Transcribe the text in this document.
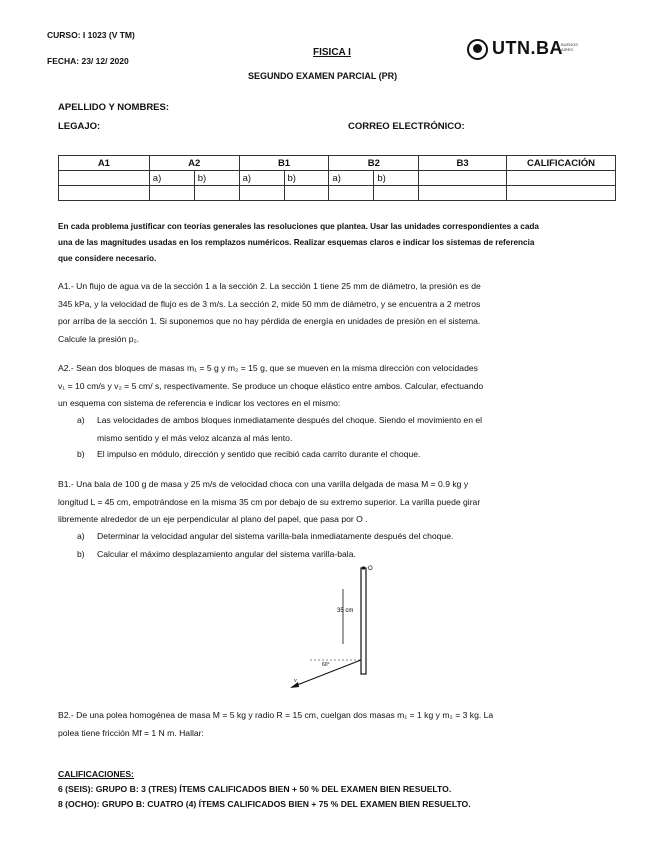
CURSO: I 1023 (V TM)
FECHA: 23/ 12/ 2020
FISICA I
SEGUNDO EXAMEN PARCIAL (PR)
UTN.BA
BUENOS AIRES
APELLIDO Y NOMBRES:
LEGAJO:	CORREO ELECTRÓNICO:
A1	A2		B1		B2		B3	CALIFICACIÓN
	a)	b)	a)	b)	a)	b)		

En cada problema justificar con teorías generales las resoluciones que plantea. Usar las unidades correspondientes a cada
una de las magnitudes usadas en los remplazos numéricos. Realizar esquemas claros e indicar los sistemas de referencia
que considere necesario.
A1.- Un flujo de agua va de la sección 1 a la sección 2. La sección 1 tiene 25 mm de diámetro, la presión es de
345 kPa, y la velocidad de flujo es de 3 m/s. La sección 2, mide 50 mm de diámetro, y se encuentra a 2 metros
por arriba de la sección 1. Si suponemos que no hay pérdida de energía en unidades de presión en el sistema.
Calcule la presión p₂.
A2.- Sean dos bloques de masas m₁ = 5 g y m₂ = 15 g, que se mueven en la misma dirección con velocidades
v₁ = 10 cm/s y v₂ = 5 cm/ s, respectivamente. Se produce un choque elástico entre ambos. Calcular, efectuando
un esquema con sistema de referencia e indicar los vectores en el mismo:
a) Las velocidades de ambos bloques inmediatamente después del choque. Siendo el movimiento en el
mismo sentido y el más veloz alcanza al más lento.
b) El impulso en módulo, dirección y sentido que recibió cada carrito durante el choque.
B1.- Una bala de 100 g de masa y 25 m/s de velocidad choca con una varilla delgada de masa M = 0.9 kg y
longitud L = 45 cm, empotrándose en la misma 35 cm por debajo de su extremo superior. La varilla puede girar
libremente alrededor de un eje perpendicular al plano del papel, que pasa por O .
a) Determinar la velocidad angular del sistema varilla-bala inmediatamente después del choque.
b) Calcular el máximo desplazamiento angular del sistema varilla-bala.
O
35 cm
60°
v
B2.- De una polea homogénea de masa M = 5 kg y radio R = 15 cm, cuelgan dos masas m₁ = 1 kg y m₂ = 3 kg. La
polea tiene fricción Mf = 1 N m. Hallar:
CALIFICACIONES:
6 (SEIS): GRUPO B: 3 (TRES) ÍTEMS CALIFICADOS BIEN + 50 % DEL EXAMEN BIEN RESUELTO.
8 (OCHO): GRUPO B: CUATRO (4) ÍTEMS CALIFICADOS BIEN + 75 % DEL EXAMEN BIEN RESUELTO.
